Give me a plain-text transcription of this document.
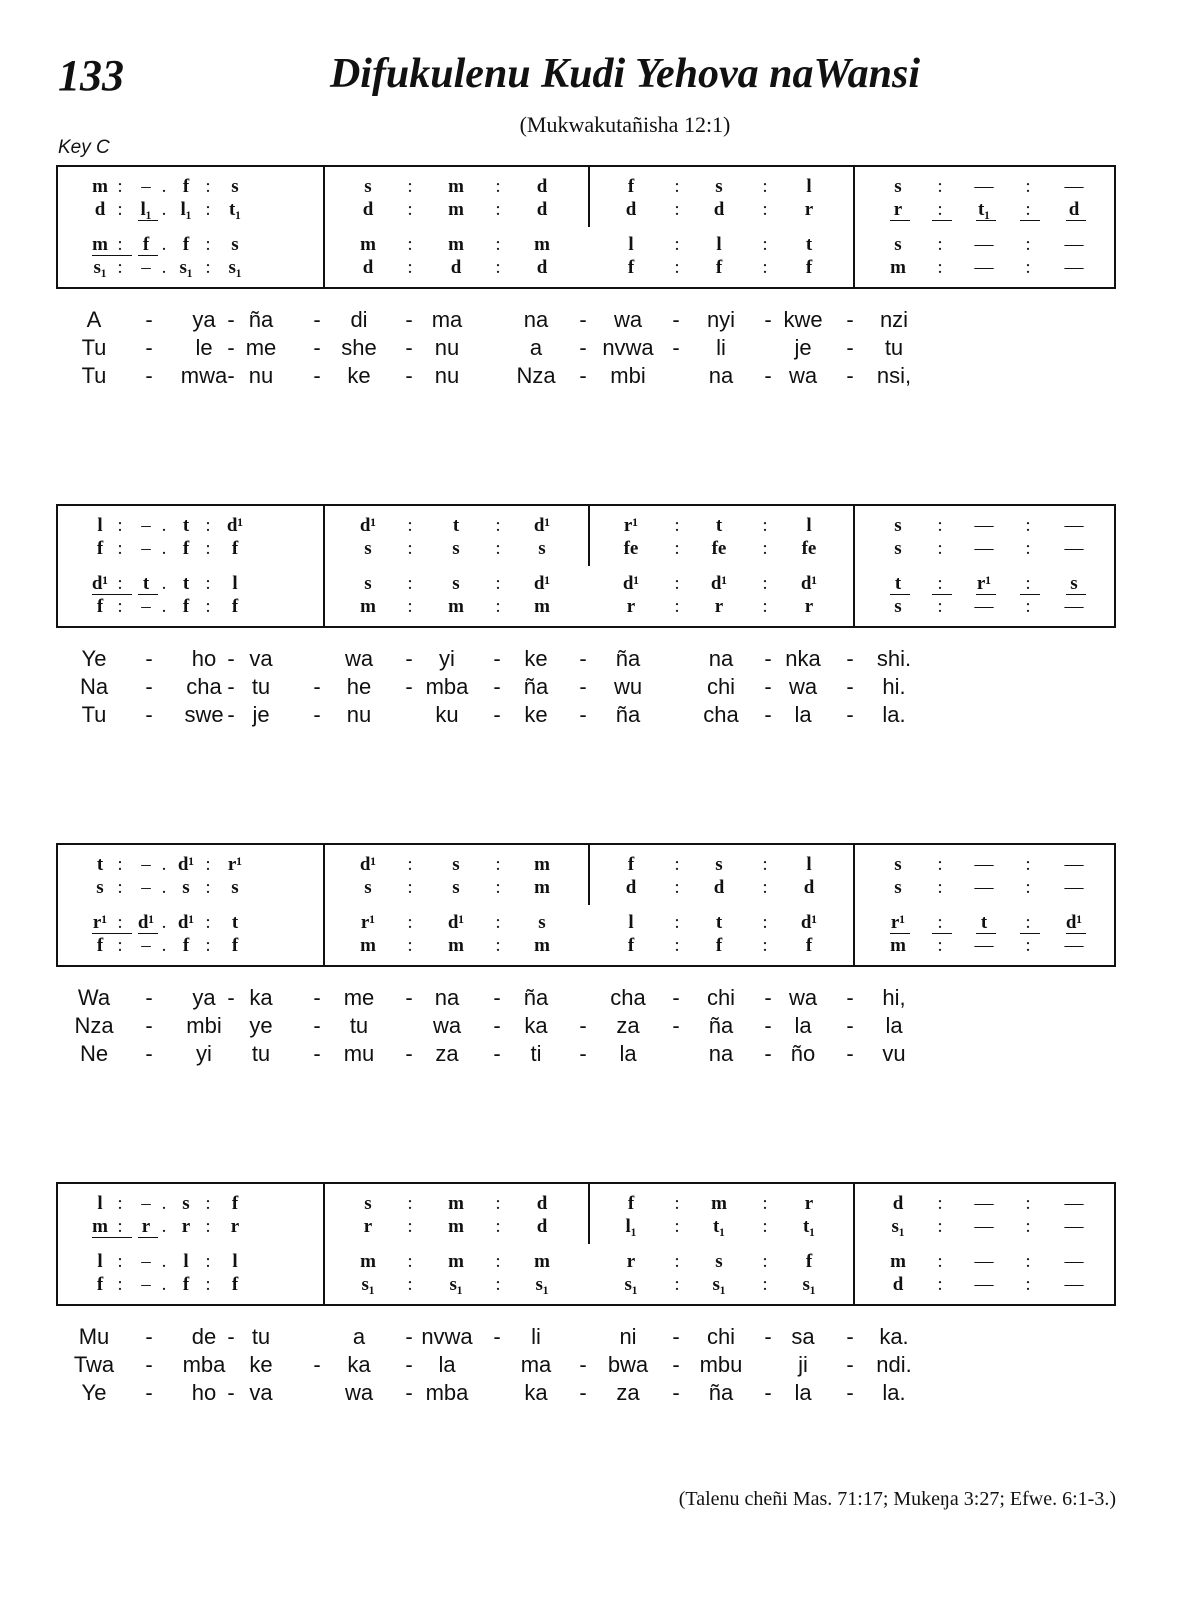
133	Difukulenu Kudi Yehova naWansi
(Mukwakutañisha 12:1)
Key C
m : – . f :	s	s	:	m	:	d	f	:	s	:	l	s	:	—	:	—
d : l₁ . l₁ : t₁	d	:	m	:	d	d	:	d	:	r	r	:	t₁	:	d
m :	f . f :	s	m	:	m	:	m	l	:	l	:	t	s	:	—	:	—
s₁ : – . s₁ : s₁	d	:	d	:	d	f	:	f	:	f	m	:	—	:	—
A	-	ya - ña	-	di	- ma	na	-	wa	-	nyi	- kwe	-	nzi
Tu	-	le - me	- she	-	nu	a	- nvwa -	li	je	-	tu
Tu	-	mwa - nu	-	ke	-	nu	Nza	-	mbi	na	- wa	-	nsi,
l : – . t : d¹	d¹	:	t	:	d¹	r¹	:	t	:	l	s	:	—	:	—
f : – . f :	f	s	:	s	:	s	fe	:	fe	:	fe	s	:	—	:	—
d¹ :	t . t :	l	s	:	s	:	d¹	d¹	:	d¹	:	d¹	t	:	r¹	:	s
f : – . f :	f	m	:	m	:	m	r	:	r	:	r	s	:	—	:	—
Ye	-	ho - va	wa	-	yi	-	ke	-	ña	na	- nka	-	shi.
Na	-	cha - tu	-	he	- mba	-	ña	-	wu	chi	- wa	-	hi.
Tu	-	swe - je	-	nu	ku	-	ke	-	ña	cha	-	la	-	la.
t : – . d¹ : r¹	d¹	:	s	:	m	f	:	s	:	l	s	:	—	:	—
s : – . s :	s	s	:	s	:	m	d	:	d	:	d	s	:	—	:	—
r¹ : d¹ . d¹ :	t	r¹	:	d¹	:	s	l	:	t	:	d¹	r¹	:	t	:	d¹
f : – . f :	f	m	:	m	:	m	f	:	f	:	f	m	:	—	:	—
Wa	-	ya - ka	-	me	-	na	-	ña	cha	-	chi	- wa	-	hi,
Nza	-	mbi	ye	-	tu	wa	-	ka	-	za	-	ña	-	la	-	la
Ne	-	yi	tu	-	mu	-	za	-	ti	-	la	na	- ño	-	vu
l : – . s :	f	s	:	m	:	d	f	:	m	:	r	d	:	—	:	—
m :	r . r :	r	r	:	m	:	d	l₁	:	t₁	:	t₁	s₁	:	—	:	—
l : – . l :	l	m	:	m	:	m	r	:	s	:	f	m	:	—	:	—
f : – . f :	f	s₁	:	s₁	:	s₁	s₁	:	s₁	:	s₁	d	:	—	:	—
Mu	-	de - tu	a	- nvwa -	li	ni	-	chi	- sa	-	ka.
Twa	-	mba	ke	-	ka	-	la	ma	- bwa	- mbu	ji	-	ndi.
Ye	-	ho - va	wa	- mba	ka	-	za	-	ña	-	la	-	la.
(Talenu cheñi Mas. 71:17; Mukeŋa 3:27; Efwe. 6:1-3.)
